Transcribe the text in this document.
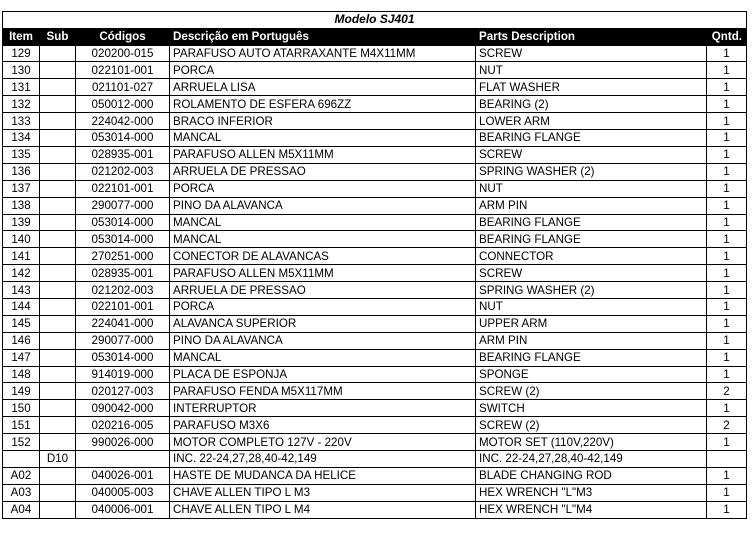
Modelo SJ401					
Item	Sub	Códigos	Descrição em Português	Parts Description	Qntd.
129		020200-015	PARAFUSO AUTO ATARRAXANTE M4X11MM	SCREW	1
130		022101-001	PORCA	NUT	1
131		021101-027	ARRUELA LISA	FLAT WASHER	1
132		050012-000	ROLAMENTO DE ESFERA 696ZZ	BEARING (2)	1
133		224042-000	BRACO INFERIOR	LOWER ARM	1
134		053014-000	MANCAL	BEARING FLANGE	1
135		028935-001	PARAFUSO ALLEN M5X11MM	SCREW	1
136		021202-003	ARRUELA DE PRESSAO	SPRING WASHER (2)	1
137		022101-001	PORCA	NUT	1
138		290077-000	PINO DA ALAVANCA	ARM PIN	1
139		053014-000	MANCAL	BEARING FLANGE	1
140		053014-000	MANCAL	BEARING FLANGE	1
141		270251-000	CONECTOR DE ALAVANCAS	CONNECTOR	1
142		028935-001	PARAFUSO ALLEN M5X11MM	SCREW	1
143		021202-003	ARRUELA DE PRESSAO	SPRING WASHER (2)	1
144		022101-001	PORCA	NUT	1
145		224041-000	ALAVANCA SUPERIOR	UPPER ARM	1
146		290077-000	PINO DA ALAVANCA	ARM PIN	1
147		053014-000	MANCAL	BEARING FLANGE	1
148		914019-000	PLACA DE ESPONJA	SPONGE	1
149		020127-003	PARAFUSO FENDA M5X117MM	SCREW (2)	2
150		090042-000	INTERRUPTOR	SWITCH	1
151		020216-005	PARAFUSO M3X6	SCREW (2)	2
152		990026-000	MOTOR COMPLETO 127V - 220V	MOTOR SET (110V,220V)	1
	D10		INC. 22-24,27,28,40-42,149	INC. 22-24,27,28,40-42,149	
A02		040026-001	HASTE DE MUDANCA DA HELICE	BLADE CHANGING ROD	1
A03		040005-003	CHAVE ALLEN TIPO L M3	HEX WRENCH "L"M3	1
A04		040006-001	CHAVE ALLEN TIPO L M4	HEX WRENCH "L"M4	1
